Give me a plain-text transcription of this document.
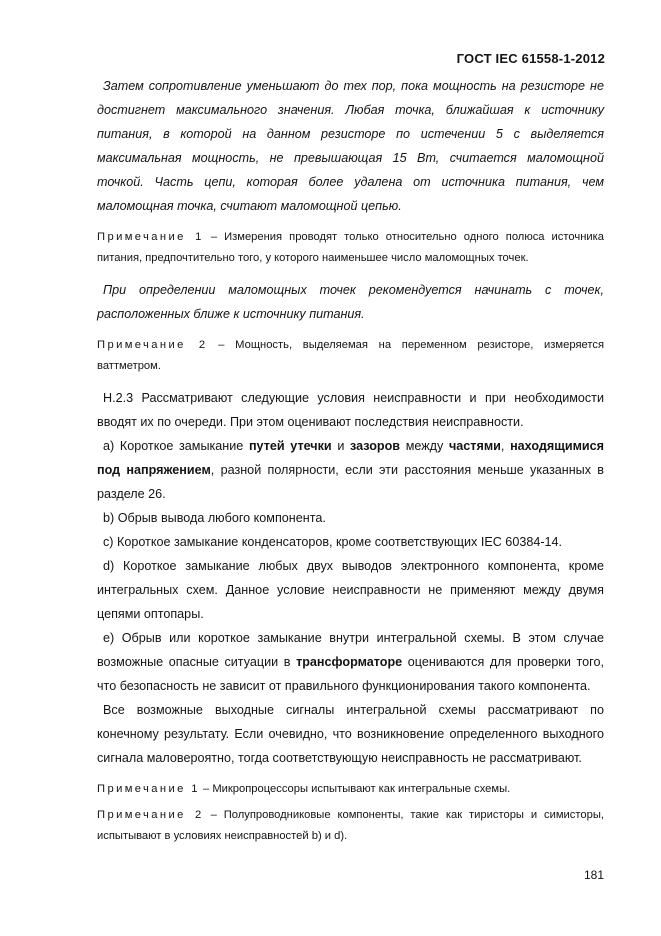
ГОСТ IEC 61558-1-2012

Затем сопротивление уменьшают до тех пор, пока мощность на резисторе не достигнет максимального значения. Любая точка, ближайшая к источнику питания, в которой на данном резисторе по истечении 5 с выделяется максимальная мощность, не превышающая 15 Вт, считается маломощной точкой. Часть цепи, которая более удалена от источника питания, чем маломощная точка, считают маломощной цепью.

Примечание 1 – Измерения проводят только относительно одного полюса источника питания, предпочтительно того, у которого наименьшее число маломощных точек.

При определении маломощных точек рекомендуется начинать с точек, расположенных ближе к источнику питания.

Примечание 2 – Мощность, выделяемая на переменном резисторе, измеряется ваттметром.

Н.2.3 Рассматривают следующие условия неисправности и при необходимости вводят их по очереди. При этом оценивают последствия неисправности.

а) Короткое замыкание путей утечки и зазоров между частями, находящимися под напряжением, разной полярности, если эти расстояния меньше указанных в разделе 26.

b) Обрыв вывода любого компонента.

c) Короткое замыкание конденсаторов, кроме соответствующих IEC 60384-14.

d) Короткое замыкание любых двух выводов электронного компонента, кроме интегральных схем. Данное условие неисправности не применяют между двумя цепями оптопары.

e) Обрыв или короткое замыкание внутри интегральной схемы. В этом случае возможные опасные ситуации в трансформаторе оцениваются для проверки того, что безопасность не зависит от правильного функционирования такого компонента.

Все возможные выходные сигналы интегральной схемы рассматривают по конечному результату. Если очевидно, что возникновение определенного выходного сигнала маловероятно, тогда соответствующую неисправность не рассматривают.

Примечание 1 – Микропроцессоры испытывают как интегральные схемы.

Примечание 2 – Полупроводниковые компоненты, такие как тиристоры и симисторы, испытывают в условиях неисправностей b) и d).

181
